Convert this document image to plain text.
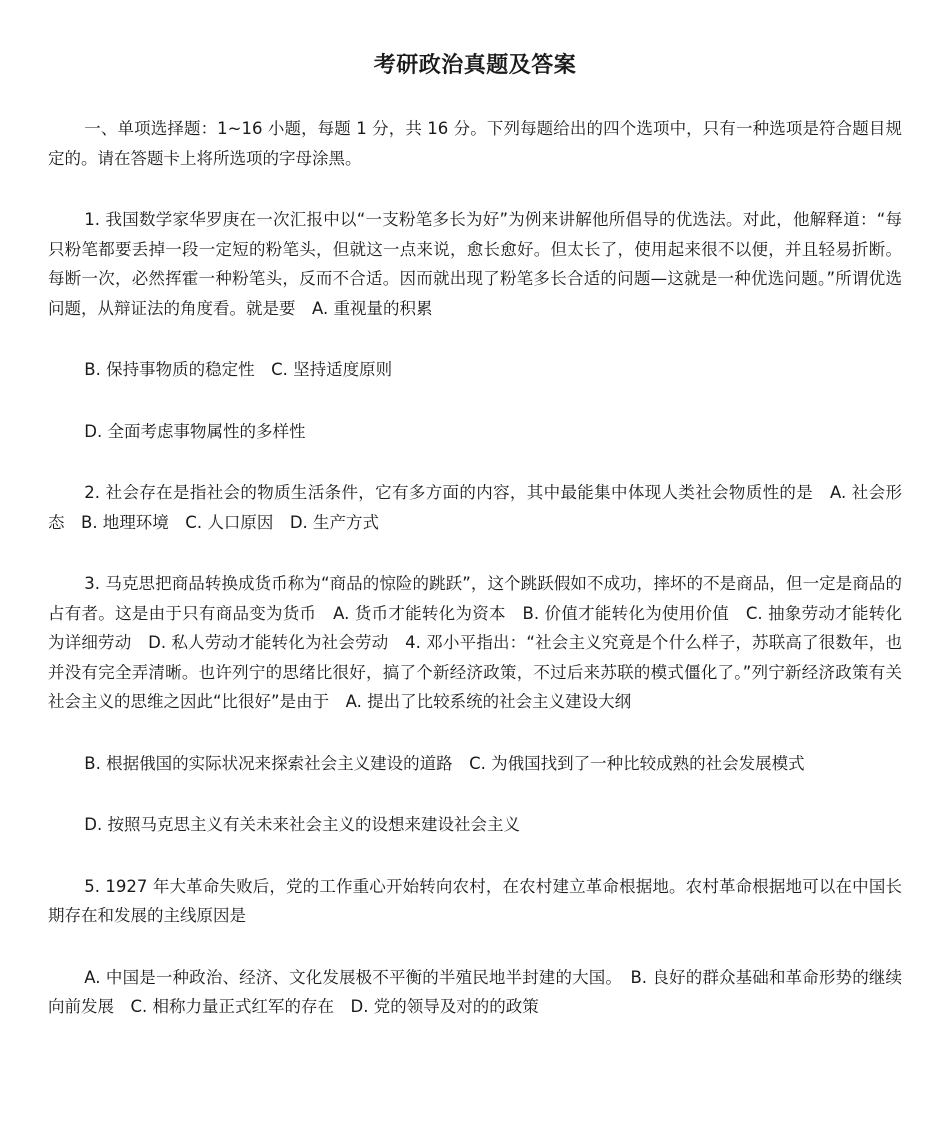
考研政治真题及答案

一、单项选择题：1~16 小题，每题 1 分，共 16 分。下列每题给出的四个选项中，只有一种选项是符合题目规定的。请在答题卡上将所选项的字母涂黑。

1. 我国数学家华罗庚在一次汇报中以“一支粉笔多长为好”为例来讲解他所倡导的优选法。对此，他解释道：“每只粉笔都要丢掉一段一定短的粉笔头，但就这一点来说，愈长愈好。但太长了，使用起来很不以便，并且轻易折断。每断一次，必然挥霍一种粉笔头，反而不合适。因而就出现了粉笔多长合适的问题—这就是一种优选问题。”所谓优选问题，从辩证法的角度看。就是要　A. 重视量的积累

B. 保持事物质的稳定性　C. 坚持适度原则

D. 全面考虑事物属性的多样性

2. 社会存在是指社会的物质生活条件，它有多方面的内容，其中最能集中体现人类社会物质性的是　A. 社会形态　B. 地理环境　C. 人口原因　D. 生产方式

3. 马克思把商品转换成货币称为“商品的惊险的跳跃”，这个跳跃假如不成功，摔坏的不是商品，但一定是商品的占有者。这是由于只有商品变为货币　A. 货币才能转化为资本　B. 价值才能转化为使用价值　C. 抽象劳动才能转化为详细劳动　D. 私人劳动才能转化为社会劳动　4. 邓小平指出：“社会主义究竟是个什么样子，苏联高了很数年，也并没有完全弄清晰。也许列宁的思绪比很好，搞了个新经济政策，不过后来苏联的模式僵化了。”列宁新经济政策有关社会主义的思维之因此“比很好”是由于　A. 提出了比较系统的社会主义建设大纲

B. 根据俄国的实际状况来探索社会主义建设的道路　C. 为俄国找到了一种比较成熟的社会发展模式

D. 按照马克思主义有关未来社会主义的设想来建设社会主义

5. 1927 年大革命失败后，党的工作重心开始转向农村，在农村建立革命根据地。农村革命根据地可以在中国长期存在和发展的主线原因是

A. 中国是一种政治、经济、文化发展极不平衡的半殖民地半封建的大国。　B. 良好的群众基础和革命形势的继续向前发展　C. 相称力量正式红军的存在　D. 党的领导及对的的政策
